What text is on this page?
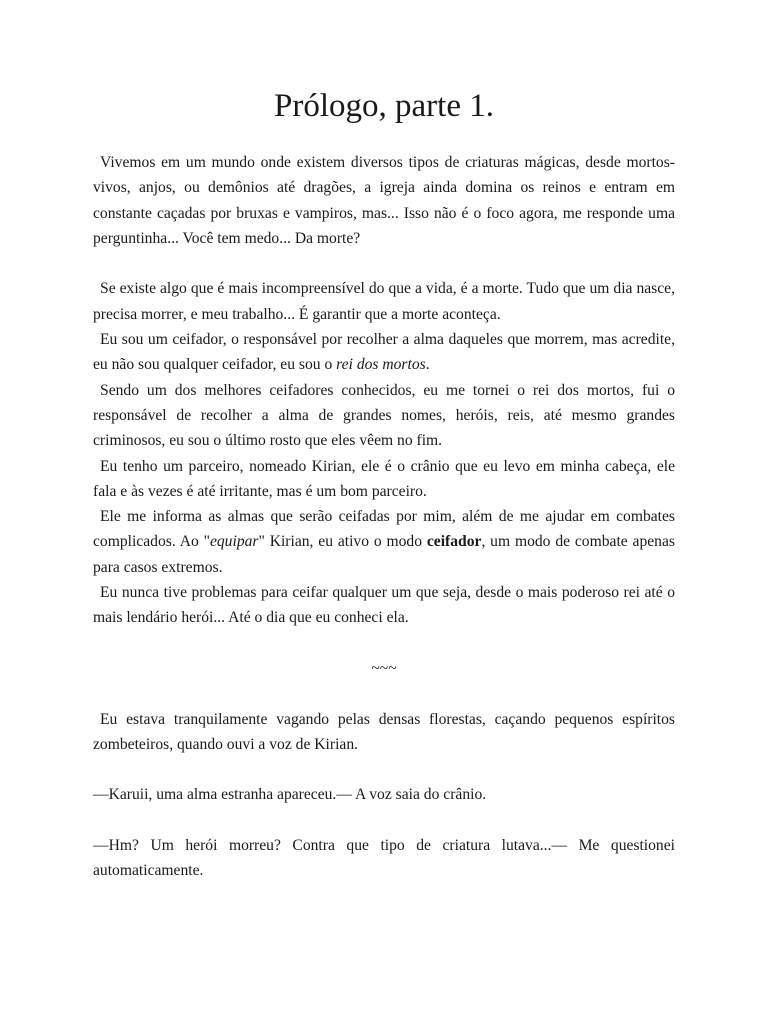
Prólogo, parte 1.

Vivemos em um mundo onde existem diversos tipos de criaturas mágicas, desde mortos-vivos, anjos, ou demônios até dragões, a igreja ainda domina os reinos e entram em constante caçadas por bruxas e vampiros, mas... Isso não é o foco agora, me responde uma perguntinha... Você tem medo... Da morte?

Se existe algo que é mais incompreensível do que a vida, é a morte. Tudo que um dia nasce, precisa morrer, e meu trabalho... É garantir que a morte aconteça.

Eu sou um ceifador, o responsável por recolher a alma daqueles que morrem, mas acredite, eu não sou qualquer ceifador, eu sou o rei dos mortos.

Sendo um dos melhores ceifadores conhecidos, eu me tornei o rei dos mortos, fui o responsável de recolher a alma de grandes nomes, heróis, reis, até mesmo grandes criminosos, eu sou o último rosto que eles vêem no fim.

Eu tenho um parceiro, nomeado Kirian, ele é o crânio que eu levo em minha cabeça, ele fala e às vezes é até irritante, mas é um bom parceiro.

Ele me informa as almas que serão ceifadas por mim, além de me ajudar em combates complicados. Ao "equipar" Kirian, eu ativo o modo ceifador, um modo de combate apenas para casos extremos.

Eu nunca tive problemas para ceifar qualquer um que seja, desde o mais poderoso rei até o mais lendário herói... Até o dia que eu conheci ela.

~~~

Eu estava tranquilamente vagando pelas densas florestas, caçando pequenos espíritos zombeteiros, quando ouvi a voz de Kirian.

—Karuii, uma alma estranha apareceu.— A voz saia do crânio.

—Hm? Um herói morreu? Contra que tipo de criatura lutava...— Me questionei automaticamente.
